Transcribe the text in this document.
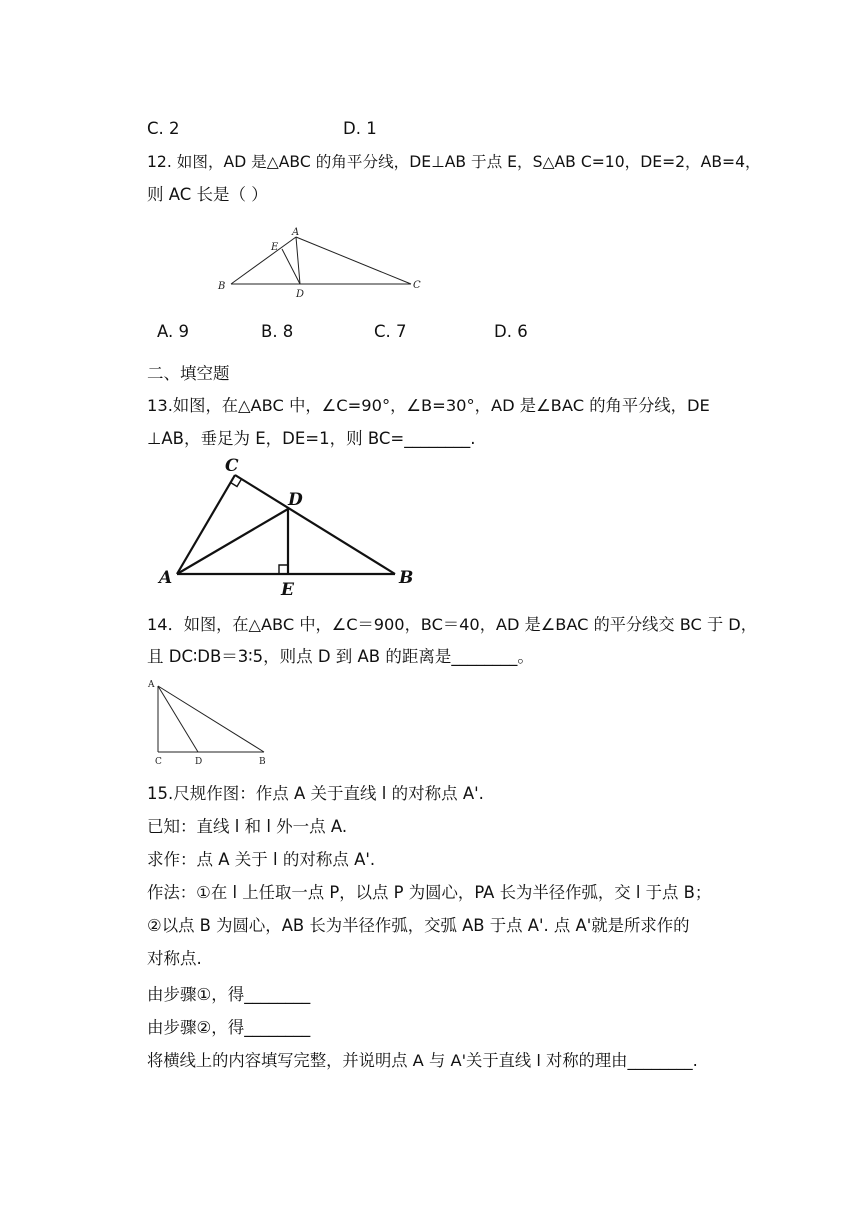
C. 2	D. 1
12. 如图，AD 是△ABC 的角平分线，DE⊥AB 于点 E，S△AB C=10，DE=2，AB=4，
则 AC 长是（ ）
A
E
B
D
C
A. 9	B. 8	C. 7	D. 6
二、填空题
13.如图，在△ABC 中，∠C=90°，∠B=30°，AD 是∠BAC 的角平分线，DE
⊥AB，垂足为 E，DE=1，则 BC=________.
C
D
A
E
B
14．如图，在△ABC 中，∠C＝900，BC＝40，AD 是∠BAC 的平分线交 BC 于 D，
且 DC∶DB＝3∶5，则点 D 到 AB 的距离是________。
A
C	D	B
15.尺规作图：作点 A 关于直线 l 的对称点 A'.
已知：直线 l 和 l 外一点 A.
求作：点 A 关于 l 的对称点 A'.
作法：①在 l 上任取一点 P，以点 P 为圆心，PA 长为半径作弧，交 l 于点 B；
②以点 B 为圆心，AB 长为半径作弧，交弧 AB 于点 A'. 点 A'就是所求作的
对称点.
由步骤①，得________
由步骤②，得________
将横线上的内容填写完整，并说明点 A 与 A'关于直线 l 对称的理由________.
